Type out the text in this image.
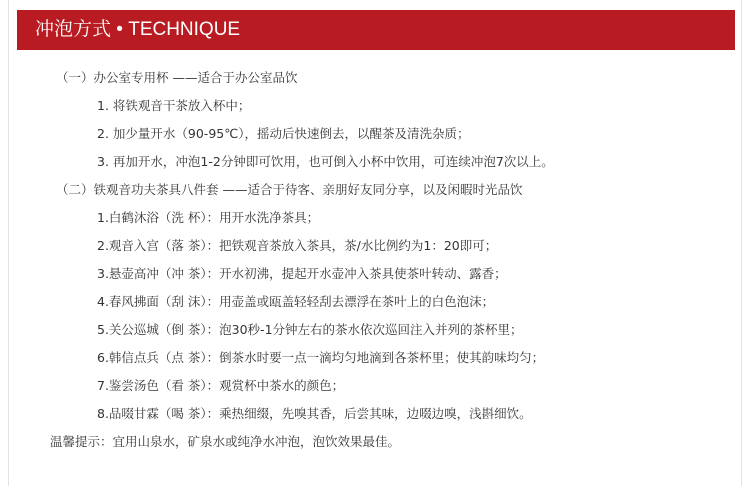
冲泡方式 • TECHNIQUE
（一）办公室专用杯 ——适合于办公室品饮
1. 将铁观音干茶放入杯中；
2. 加少量开水（90-95℃），摇动后快速倒去，以醒茶及清洗杂质；
3. 再加开水，冲泡1-2分钟即可饮用，也可倒入小杯中饮用，可连续冲泡7次以上。
（二）铁观音功夫茶具八件套 ——适合于待客、亲朋好友同分享，以及闲暇时光品饮
1.白鹤沐浴（洗 杯）：用开水洗净茶具；
2.观音入宫（落 茶）：把铁观音茶放入茶具，茶/水比例约为1：20即可；
3.悬壶高冲（冲 茶）：开水初沸，提起开水壶冲入茶具使茶叶转动、露香；
4.春风拂面（刮 沫）：用壶盖或瓯盖轻轻刮去漂浮在茶叶上的白色泡沫；
5.关公巡城（倒 茶）：泡30秒-1分钟左右的茶水依次巡回注入并列的茶杯里；
6.韩信点兵（点 茶）：倒茶水时要一点一滴均匀地滴到各茶杯里；使其韵味均匀；
7.鉴尝汤色（看 茶）：观赏杯中茶水的颜色；
8.品啜甘霖（喝 茶）：乘热细缀，先嗅其香，后尝其味，边啜边嗅，浅斟细饮。
温馨提示：宜用山泉水，矿泉水或纯净水冲泡，泡饮效果最佳。
